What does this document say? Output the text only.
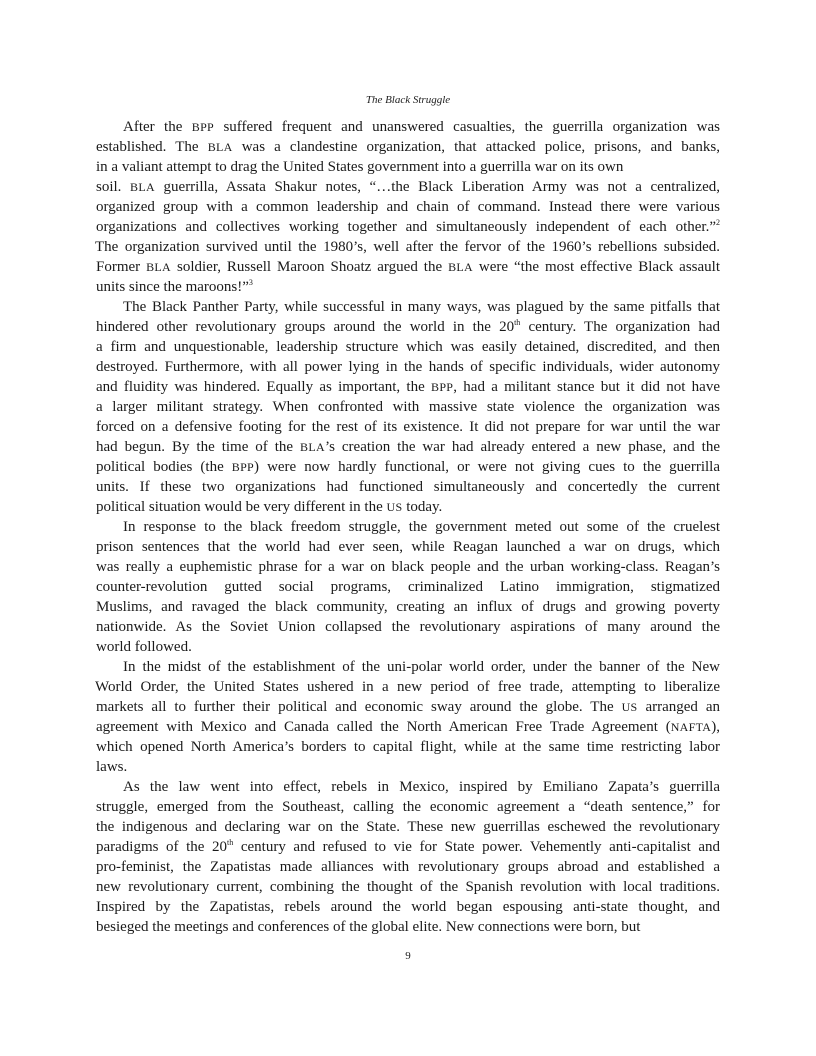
The Black Struggle
After the BPP suffered frequent and unanswered casualties, the guerrilla organization was
established. The BLA was a clandestine organization, that attacked police, prisons, and banks,
in a valiant attempt to drag the United States government into a guerrilla war on its own
soil. BLA guerrilla, Assata Shakur notes, “…the Black Liberation Army was not a centralized,
organized group with a common leadership and chain of command. Instead there were various
organizations and collectives working together and simultaneously independent of each other.”$^2$
The organization survived until the 1980’s, well after the fervor of the 1960’s rebellions subsided.
Former BLA soldier, Russell Maroon Shoatz argued the BLA were “the most effective Black assault
units since the maroons!”$^3$
The Black Panther Party, while successful in many ways, was plagued by the same pitfalls that
hindered other revolutionary groups around the world in the 20th century. The organization had
a firm and unquestionable, leadership structure which was easily detained, discredited, and then
destroyed. Furthermore, with all power lying in the hands of specific individuals, wider autonomy
and fluidity was hindered. Equally as important, the BPP, had a militant stance but it did not have
a larger militant strategy. When confronted with massive state violence the organization was
forced on a defensive footing for the rest of its existence. It did not prepare for war until the war
had begun. By the time of the BLA’s creation the war had already entered a new phase, and the
political bodies (the BPP) were now hardly functional, or were not giving cues to the guerrilla
units. If these two organizations had functioned simultaneously and concertedly the current
political situation would be very different in the US today.
In response to the black freedom struggle, the government meted out some of the cruelest
prison sentences that the world had ever seen, while Reagan launched a war on drugs, which
was really a euphemistic phrase for a war on black people and the urban working-class. Reagan’s
counter-revolution gutted social programs, criminalized Latino immigration, stigmatized
Muslims, and ravaged the black community, creating an influx of drugs and growing poverty
nationwide. As the Soviet Union collapsed the revolutionary aspirations of many around the
world followed.
In the midst of the establishment of the uni-polar world order, under the banner of the New
World Order, the United States ushered in a new period of free trade, attempting to liberalize
markets all to further their political and economic sway around the globe. The US arranged an
agreement with Mexico and Canada called the North American Free Trade Agreement (NAFTA),
which opened North America’s borders to capital flight, while at the same time restricting labor
laws.
As the law went into effect, rebels in Mexico, inspired by Emiliano Zapata’s guerrilla
struggle, emerged from the Southeast, calling the economic agreement a “death sentence,” for
the indigenous and declaring war on the State. These new guerrillas eschewed the revolutionary
paradigms of the 20th century and refused to vie for State power. Vehemently anti-capitalist and
pro-feminist, the Zapatistas made alliances with revolutionary groups abroad and established a
new revolutionary current, combining the thought of the Spanish revolution with local traditions.
Inspired by the Zapatistas, rebels around the world began espousing anti-state thought, and
besieged the meetings and conferences of the global elite. New connections were born, but
9
